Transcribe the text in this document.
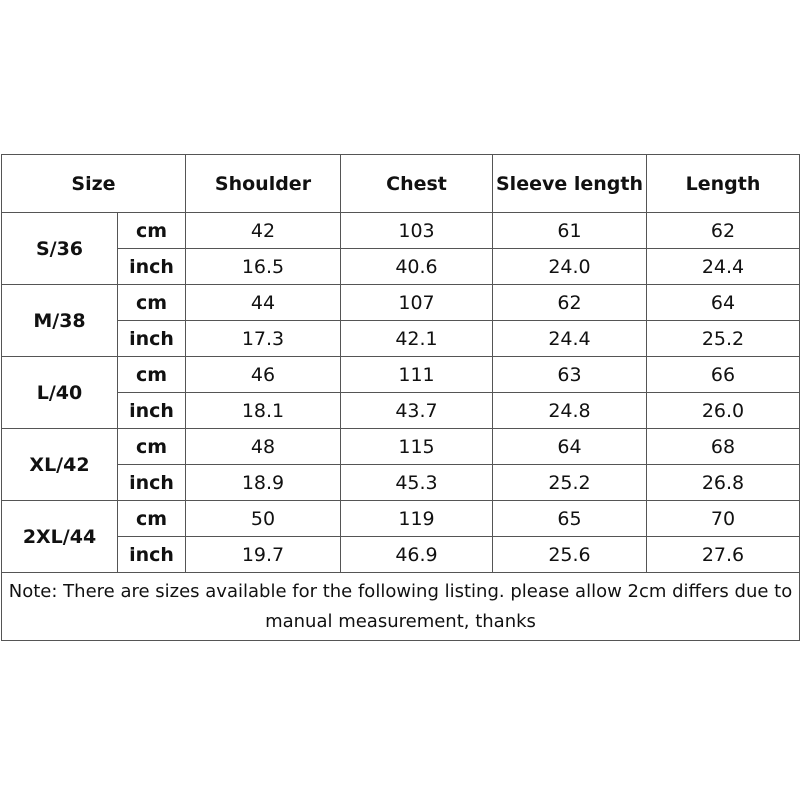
Size		Shoulder	Chest	Sleeve length	Length
S/36	cm	42	103	61	62
	inch	16.5	40.6	24.0	24.4
M/38	cm	44	107	62	64
	inch	17.3	42.1	24.4	25.2
L/40	cm	46	111	63	66
	inch	18.1	43.7	24.8	26.0
XL/42	cm	48	115	64	68
	inch	18.9	45.3	25.2	26.8
2XL/44	cm	50	119	65	70
	inch	19.7	46.9	25.6	27.6
Note: There are sizes available for the following listing. please allow 2cm differs due to manual measurement, thanks					
